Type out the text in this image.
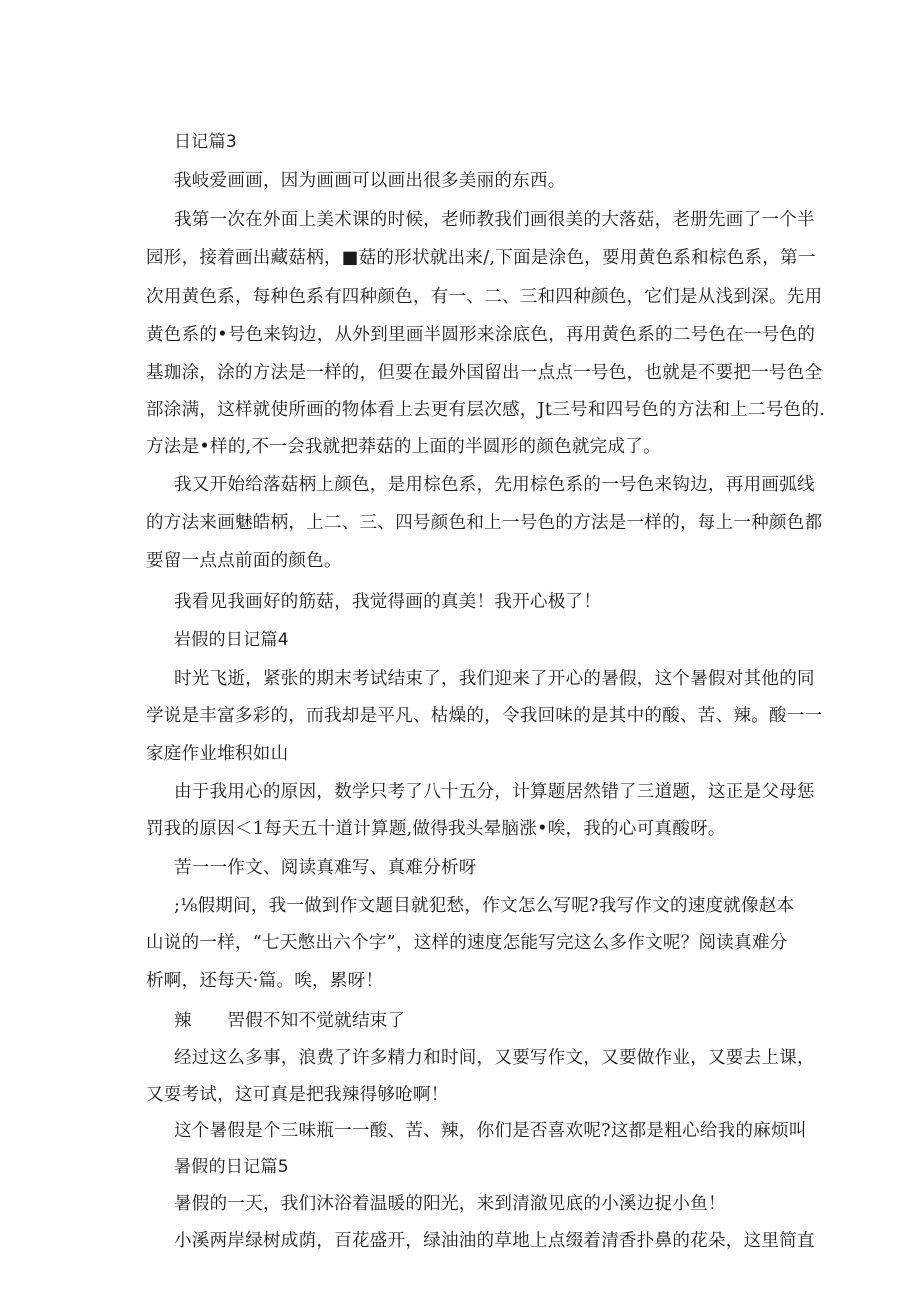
日记篇3
我岐爱画画，因为画画可以画出很多美丽的东西。
我第一次在外面上美术课的时候，老师教我们画很美的大落菇，老册先画了一个半
园形，接着画出藏菇柄，■菇的形状就出来/,下面是涂色，要用黄色系和棕色系，第一
次用黄色系，每种色系有四种颜色，有一、二、三和四种颜色，它们是从浅到深。先用
黄色系的•号色来钩边，从外到里画半圆形来涂底色，再用黄色系的二号色在一号色的
基珈涂，涂的方法是一样的，但要在最外国留出一点点一号色，也就是不要把一号色全
部涂满，这样就使所画的物体看上去更有层次感，Jt三号和四号色的方法和上二号色的.
方法是•样的,不一会我就把莽菇的上面的半圆形的颜色就完成了。
我又开始给落菇柄上颜色，是用棕色系，先用棕色系的一号色来钩边，再用画弧线
的方法来画魅皓柄，上二、三、四号颜色和上一号色的方法是一样的，每上一种颜色都
要留一点点前面的颜色。
我看见我画好的筋菇，我觉得画的真美！我开心极了！
岩假的日记篇4
时光飞逝，紧张的期末考试结束了，我们迎来了开心的暑假，这个暑假对其他的同
学说是丰富多彩的，而我却是平凡、枯燥的，令我回味的是其中的酸、苦、辣。酸一一
家庭作业堆积如山
由于我用心的原因，数学只考了八十五分，计算题居然错了三道题，这正是父母惩
罚我的原因＜1每天五十道计算题,做得我头晕脑涨•唉，我的心可真酸呀。
苦一一作文、阅读真难写、真难分析呀
;⅛假期间，我一做到作文题目就犯愁，作文怎么写呢?我写作文的速度就像赵本
山说的一样，“七天憋出六个字”，这样的速度怎能写完这么多作文呢？阅读真难分
析啊，还每天·篇。唉，累呀！
辣　　罟假不知不觉就结束了
经过这么多事，浪费了许多精力和时间，又要写作文，又要做作业，又要去上课，
又耍考试，这可真是把我辣得够呛啊！
这个暑假是个三味瓶一一酸、苦、辣，你们是否喜欢呢?这都是粗心给我的麻烦叫
暑假的日记篇5
暑假的一天，我们沐浴着温暖的阳光，来到清澈见底的小溪边捉小鱼！
小溪两岸绿树成荫，百花盛开，绿油油的草地上点缀着清香扑鼻的花朵，这里简直
